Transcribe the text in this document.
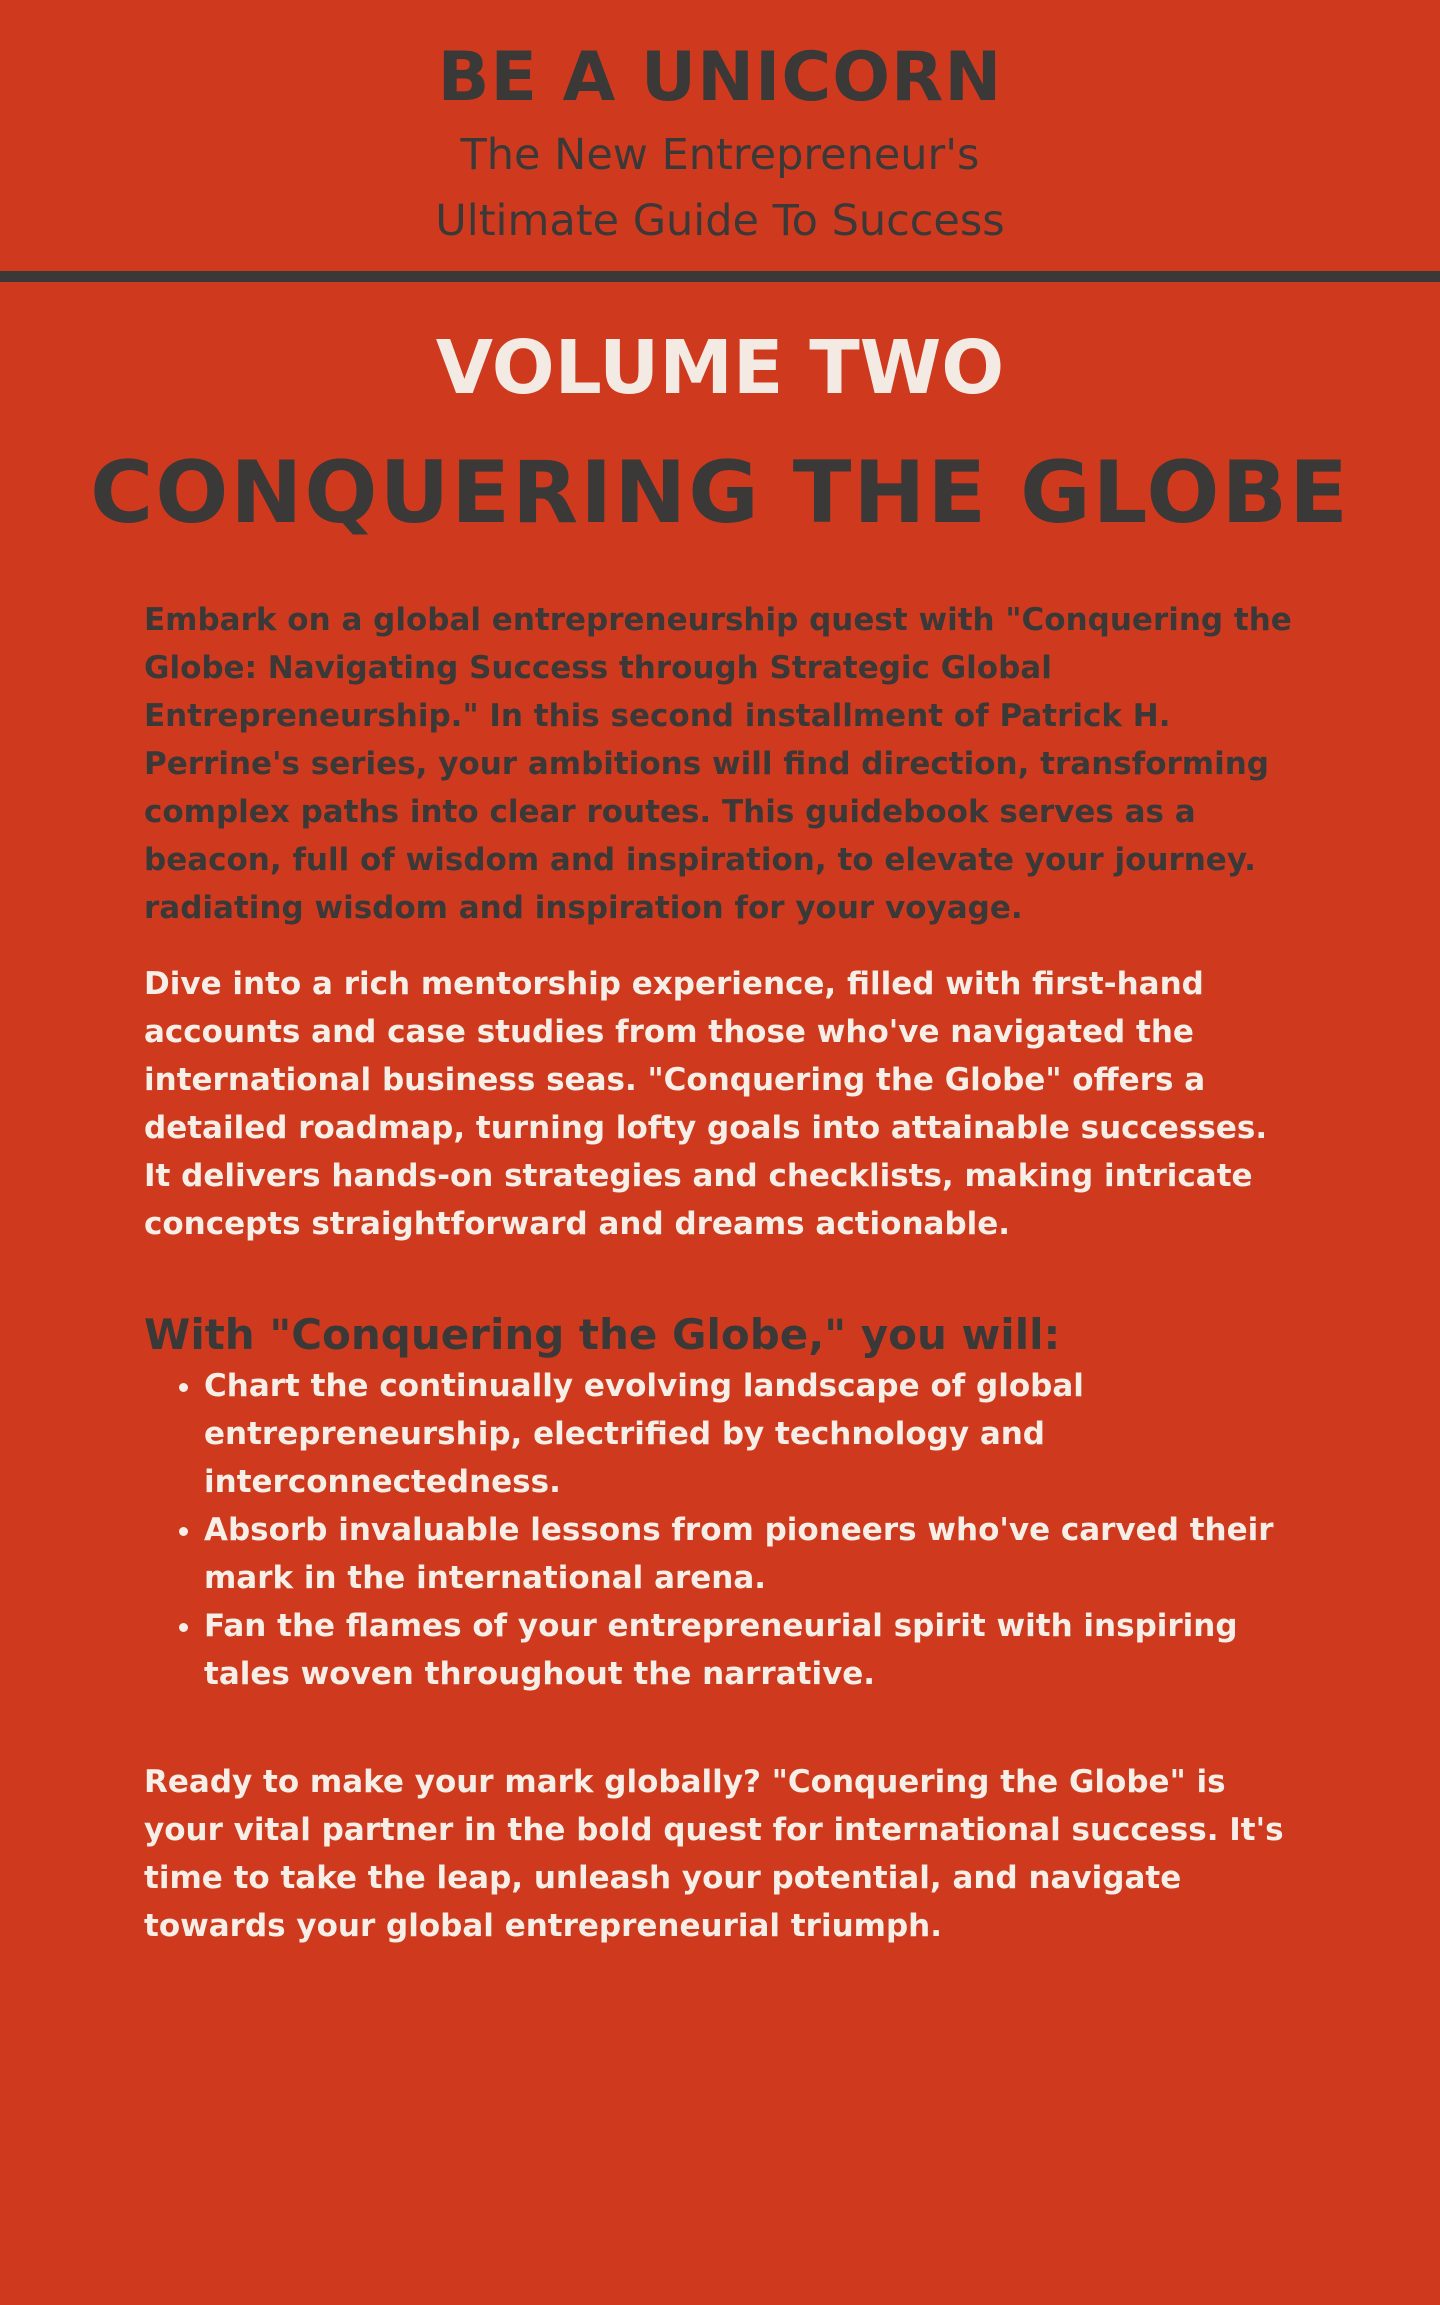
BE A UNICORN
The New Entrepreneur's
Ultimate Guide To Success
VOLUME TWO
CONQUERING THE GLOBE

Embark on a global entrepreneurship quest with "Conquering the Globe: Navigating Success through Strategic Global Entrepreneurship." In this second installment of Patrick H. Perrine's series, your ambitions will find direction, transforming complex paths into clear routes. This guidebook serves as a beacon, full of wisdom and inspiration, to elevate your journey. radiating wisdom and inspiration for your voyage.

Dive into a rich mentorship experience, filled with first-hand accounts and case studies from those who've navigated the international business seas. "Conquering the Globe" offers a detailed roadmap, turning lofty goals into attainable successes. It delivers hands-on strategies and checklists, making intricate concepts straightforward and dreams actionable.

With "Conquering the Globe," you will:
• Chart the continually evolving landscape of global entrepreneurship, electrified by technology and interconnectedness.
• Absorb invaluable lessons from pioneers who've carved their mark in the international arena.
• Fan the flames of your entrepreneurial spirit with inspiring tales woven throughout the narrative.

Ready to make your mark globally? "Conquering the Globe" is your vital partner in the bold quest for international success. It's time to take the leap, unleash your potential, and navigate towards your global entrepreneurial triumph.
